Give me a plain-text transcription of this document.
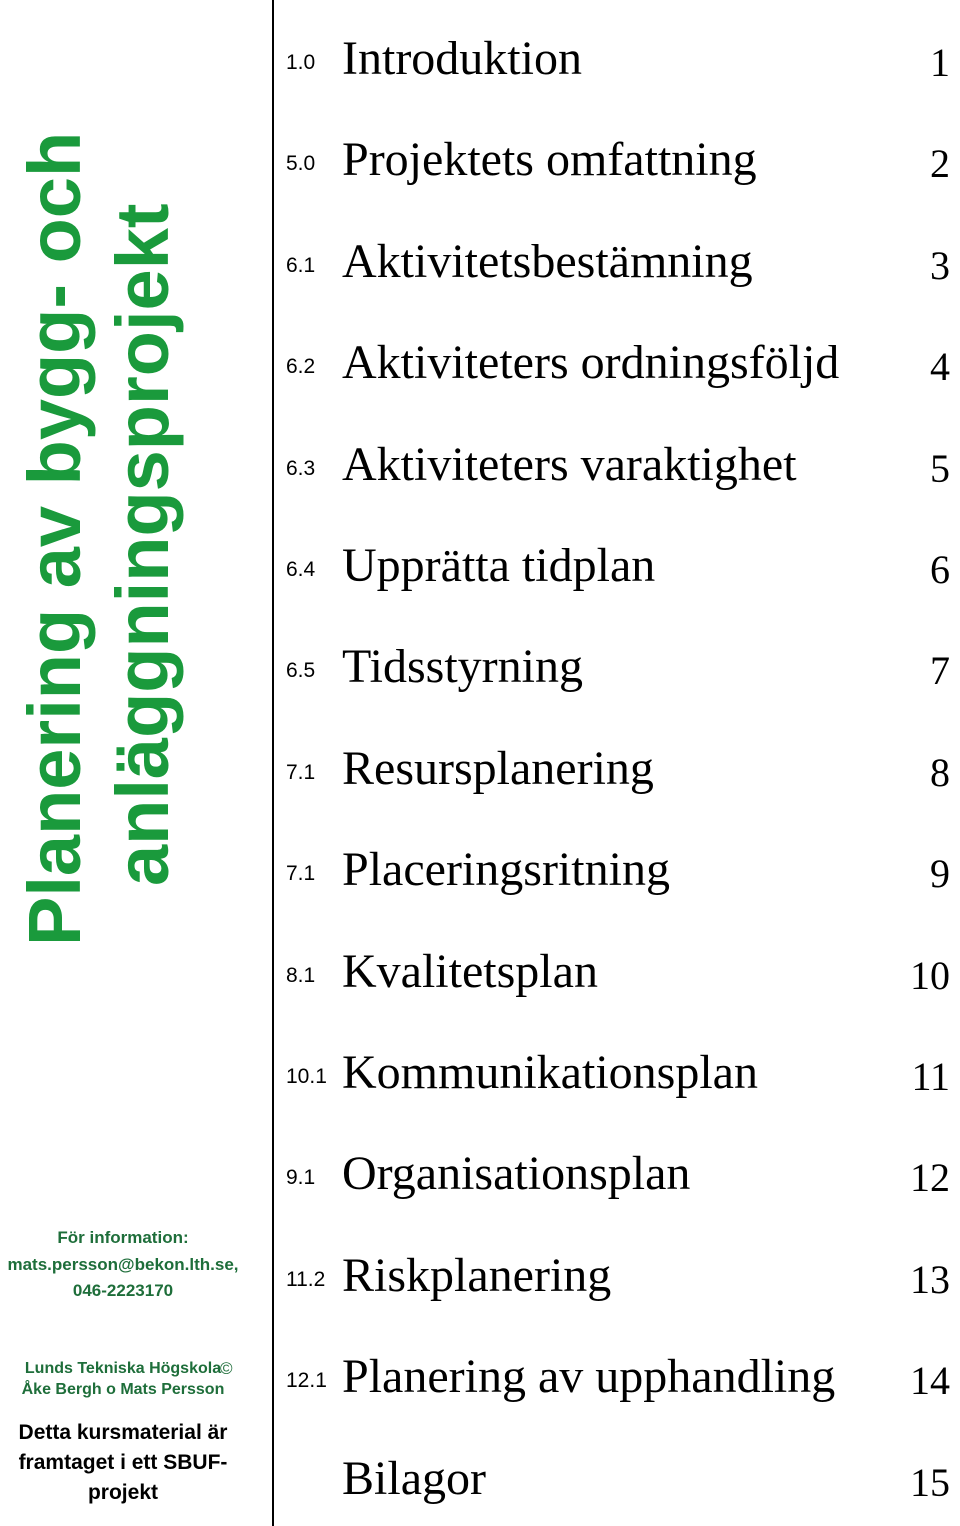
Planering av bygg- och anläggningsprojekt
För information:
mats.persson@bekon.lth.se,
046-2223170
Lunds Tekniska Högskola
©
Åke Bergh o Mats Persson
Detta kursmaterial är framtaget i ett SBUF-projekt
1.0 Introduktion	1
5.0 Projektets omfattning	2
6.1 Aktivitetsbestämning	3
6.2 Aktiviteters ordningsföljd 4
6.3 Aktiviteters varaktighet	5
6.4 Upprätta tidplan	6
6.5 Tidsstyrning	7
7.1 Resursplanering	8
7.1 Placeringsritning	9
8.1 Kvalitetsplan	10
10.1 Kommunikationsplan	11
9.1 Organisationsplan	12
11.2 Riskplanering	13
12.1 Planering av upphandling 14
Bilagor	15
